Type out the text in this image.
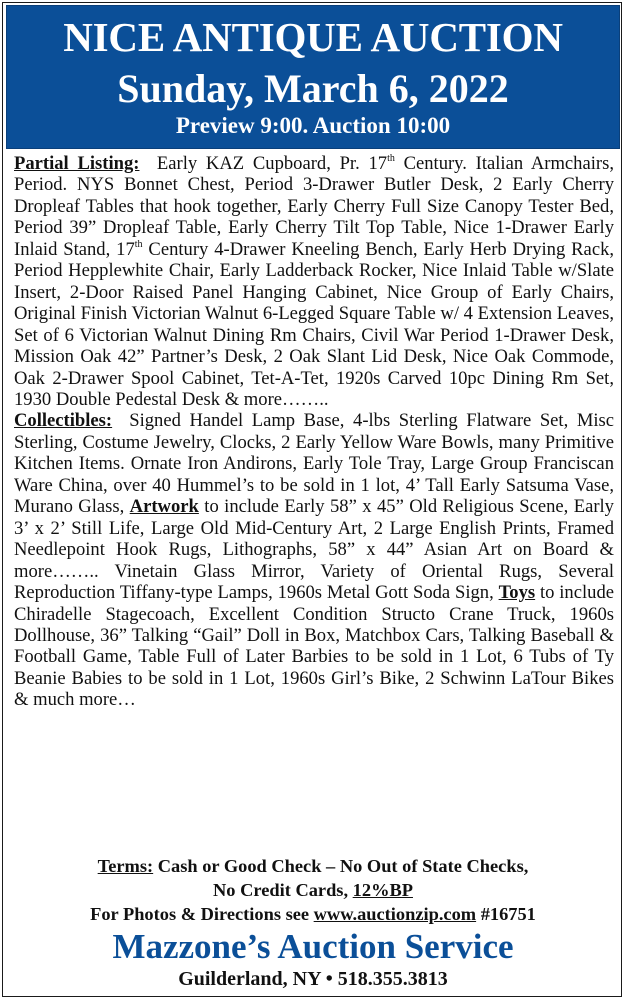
NICE ANTIQUE AUCTION
Sunday, March 6, 2022
Preview 9:00. Auction 10:00

Partial Listing: Early KAZ Cupboard, Pr. 17th Century. Italian Armchairs, Period. NYS Bonnet Chest, Period 3-Drawer Butler Desk, 2 Early Cherry Dropleaf Tables that hook together, Early Cherry Full Size Canopy Tester Bed, Period 39” Dropleaf Table, Early Cherry Tilt Top Table, Nice 1-Drawer Early Inlaid Stand, 17th Century 4-Drawer Kneeling Bench, Early Herb Drying Rack, Period Hepplewhite Chair, Early Ladderback Rocker, Nice Inlaid Table w/Slate Insert, 2-Door Raised Panel Hanging Cabinet, Nice Group of Early Chairs, Original Finish Victorian Walnut 6-Legged Square Table w/ 4 Extension Leaves, Set of 6 Victorian Walnut Dining Rm Chairs, Civil War Period 1-Drawer Desk, Mission Oak 42” Partner’s Desk, 2 Oak Slant Lid Desk, Nice Oak Commode, Oak 2-Drawer Spool Cabinet, Tet-A-Tet, 1920s Carved 10pc Dining Rm Set, 1930 Double Pedestal Desk & more……..

Collectibles: Signed Handel Lamp Base, 4-lbs Sterling Flatware Set, Misc Sterling, Costume Jewelry, Clocks, 2 Early Yellow Ware Bowls, many Primitive Kitchen Items. Ornate Iron Andirons, Early Tole Tray, Large Group Franciscan Ware China, over 40 Hummel’s to be sold in 1 lot, 4’ Tall Early Satsuma Vase, Murano Glass, Artwork to include Early 58” x 45” Old Religious Scene, Early 3’ x 2’ Still Life, Large Old Mid-Century Art, 2 Large English Prints, Framed Needlepoint Hook Rugs, Lithographs, 58” x 44” Asian Art on Board & more…….. Vinetain Glass Mirror, Variety of Oriental Rugs, Several Reproduction Tiffany-type Lamps, 1960s Metal Gott Soda Sign, Toys to include Chiradelle Stagecoach, Excellent Condition Structo Crane Truck, 1960s Dollhouse, 36” Talking “Gail” Doll in Box, Matchbox Cars, Talking Baseball & Football Game, Table Full of Later Barbies to be sold in 1 Lot, 6 Tubs of Ty Beanie Babies to be sold in 1 Lot, 1960s Girl’s Bike, 2 Schwinn LaTour Bikes & much more…

Terms: Cash or Good Check – No Out of State Checks,
No Credit Cards, 12%BP
For Photos & Directions see www.auctionzip.com #16751
Mazzone’s Auction Service
Guilderland, NY • 518.355.3813
